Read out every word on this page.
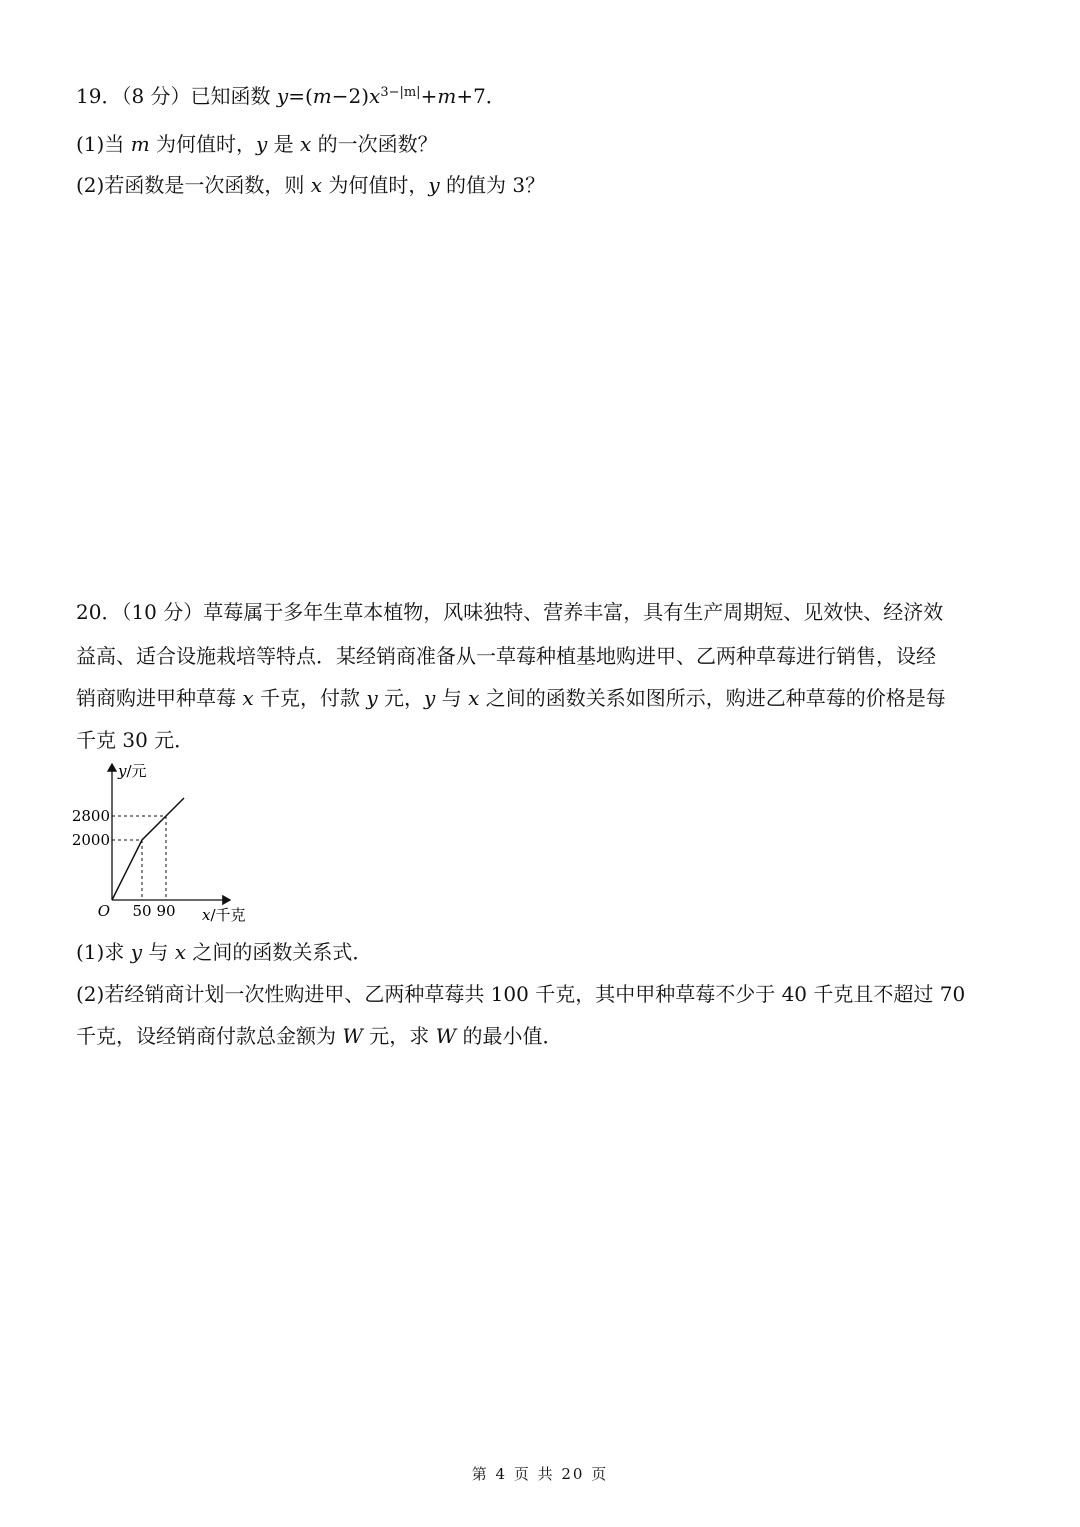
19．（8 分）已知函数 $y=(m-2)x^{3-|m|}+m+7$．
(1)当 m 为何值时，y 是 x 的一次函数？
(2)若函数是一次函数，则 x 为何值时，y 的值为 3？
20．（10 分）草莓属于多年生草本植物，风味独特、营养丰富，具有生产周期短、见效快、经济效
益高、适合设施栽培等特点．某经销商准备从一草莓种植基地购进甲、乙两种草莓进行销售，设经
销商购进甲种草莓 x 千克，付款 y 元，y 与 x 之间的函数关系如图所示，购进乙种草莓的价格是每
千克 30 元．
2800
2000
50 90
O
y/元
x/千克
(1)求 y 与 x 之间的函数关系式．
(2)若经销商计划一次性购进甲、乙两种草莓共 100 千克，其中甲种草莓不少于 40 千克且不超过 70
千克，设经销商付款总金额为 W 元，求 W 的最小值．
第 4 页 共 20 页
